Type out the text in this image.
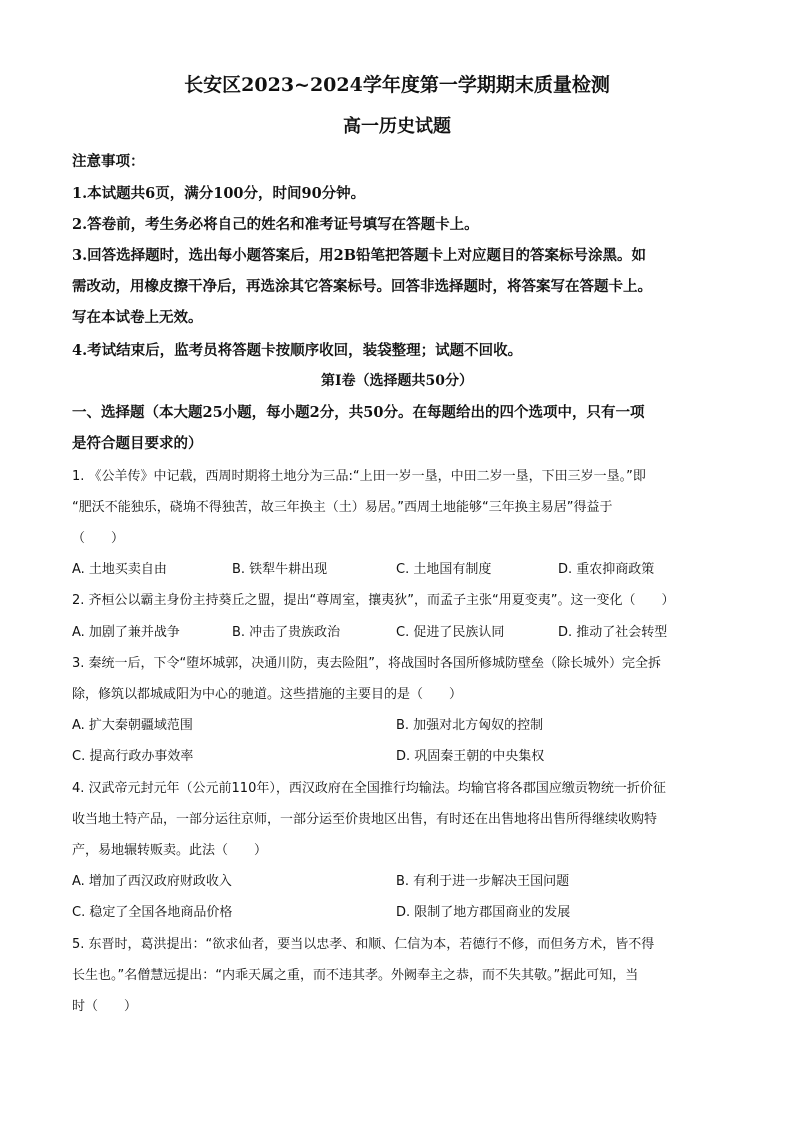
长安区2023~2024学年度第一学期期末质量检测
高一历史试题
注意事项：
1.本试题共6页，满分100分，时间90分钟。
2.答卷前，考生务必将自己的姓名和准考证号填写在答题卡上。
3.回答选择题时，选出每小题答案后，用2B铅笔把答题卡上对应题目的答案标号涂黑。如
需改动，用橡皮擦干净后，再选涂其它答案标号。回答非选择题时，将答案写在答题卡上。
写在本试卷上无效。
4.考试结束后，监考员将答题卡按顺序收回，装袋整理；试题不回收。
第Ⅰ卷（选择题共50分）
一、选择题（本大题25小题，每小题2分，共50分。在每题给出的四个选项中，只有一项
是符合题目要求的）
1. 《公羊传》中记载，西周时期将土地分为三品:“上田一岁一垦，中田二岁一垦，下田三岁一垦。”即
“肥沃不能独乐，硗埆不得独苦，故三年换主（土）易居。”西周土地能够“三年换主易居”得益于
（　　）
A. 土地买卖自由	B. 铁犁牛耕出现	C. 土地国有制度	D. 重农抑商政策
2. 齐桓公以霸主身份主持葵丘之盟，提出“尊周室，攘夷狄”，而孟子主张“用夏变夷”。这一变化（　　）
A. 加剧了兼并战争	B. 冲击了贵族政治	C. 促进了民族认同	D. 推动了社会转型
3. 秦统一后，下令“堕坏城郭，决通川防，夷去险阻”，将战国时各国所修城防壁垒（除长城外）完全拆
除，修筑以都城咸阳为中心的驰道。这些措施的主要目的是（　　）
A. 扩大秦朝疆域范围	B. 加强对北方匈奴的控制
C. 提高行政办事效率	D. 巩固秦王朝的中央集权
4. 汉武帝元封元年（公元前110年），西汉政府在全国推行均输法。均输官将各郡国应缴贡物统一折价征
收当地土特产品，一部分运往京师，一部分运至价贵地区出售，有时还在出售地将出售所得继续收购特
产，易地辗转贩卖。此法（　　）
A. 增加了西汉政府财政收入	B. 有利于进一步解决王国问题
C. 稳定了全国各地商品价格	D. 限制了地方郡国商业的发展
5. 东晋时，葛洪提出：“欲求仙者，要当以忠孝、和顺、仁信为本，若德行不修，而但务方术，皆不得
长生也。”名僧慧远提出：“内乖天属之重，而不违其孝。外阙奉主之恭，而不失其敬。”据此可知，当
时（　　）
